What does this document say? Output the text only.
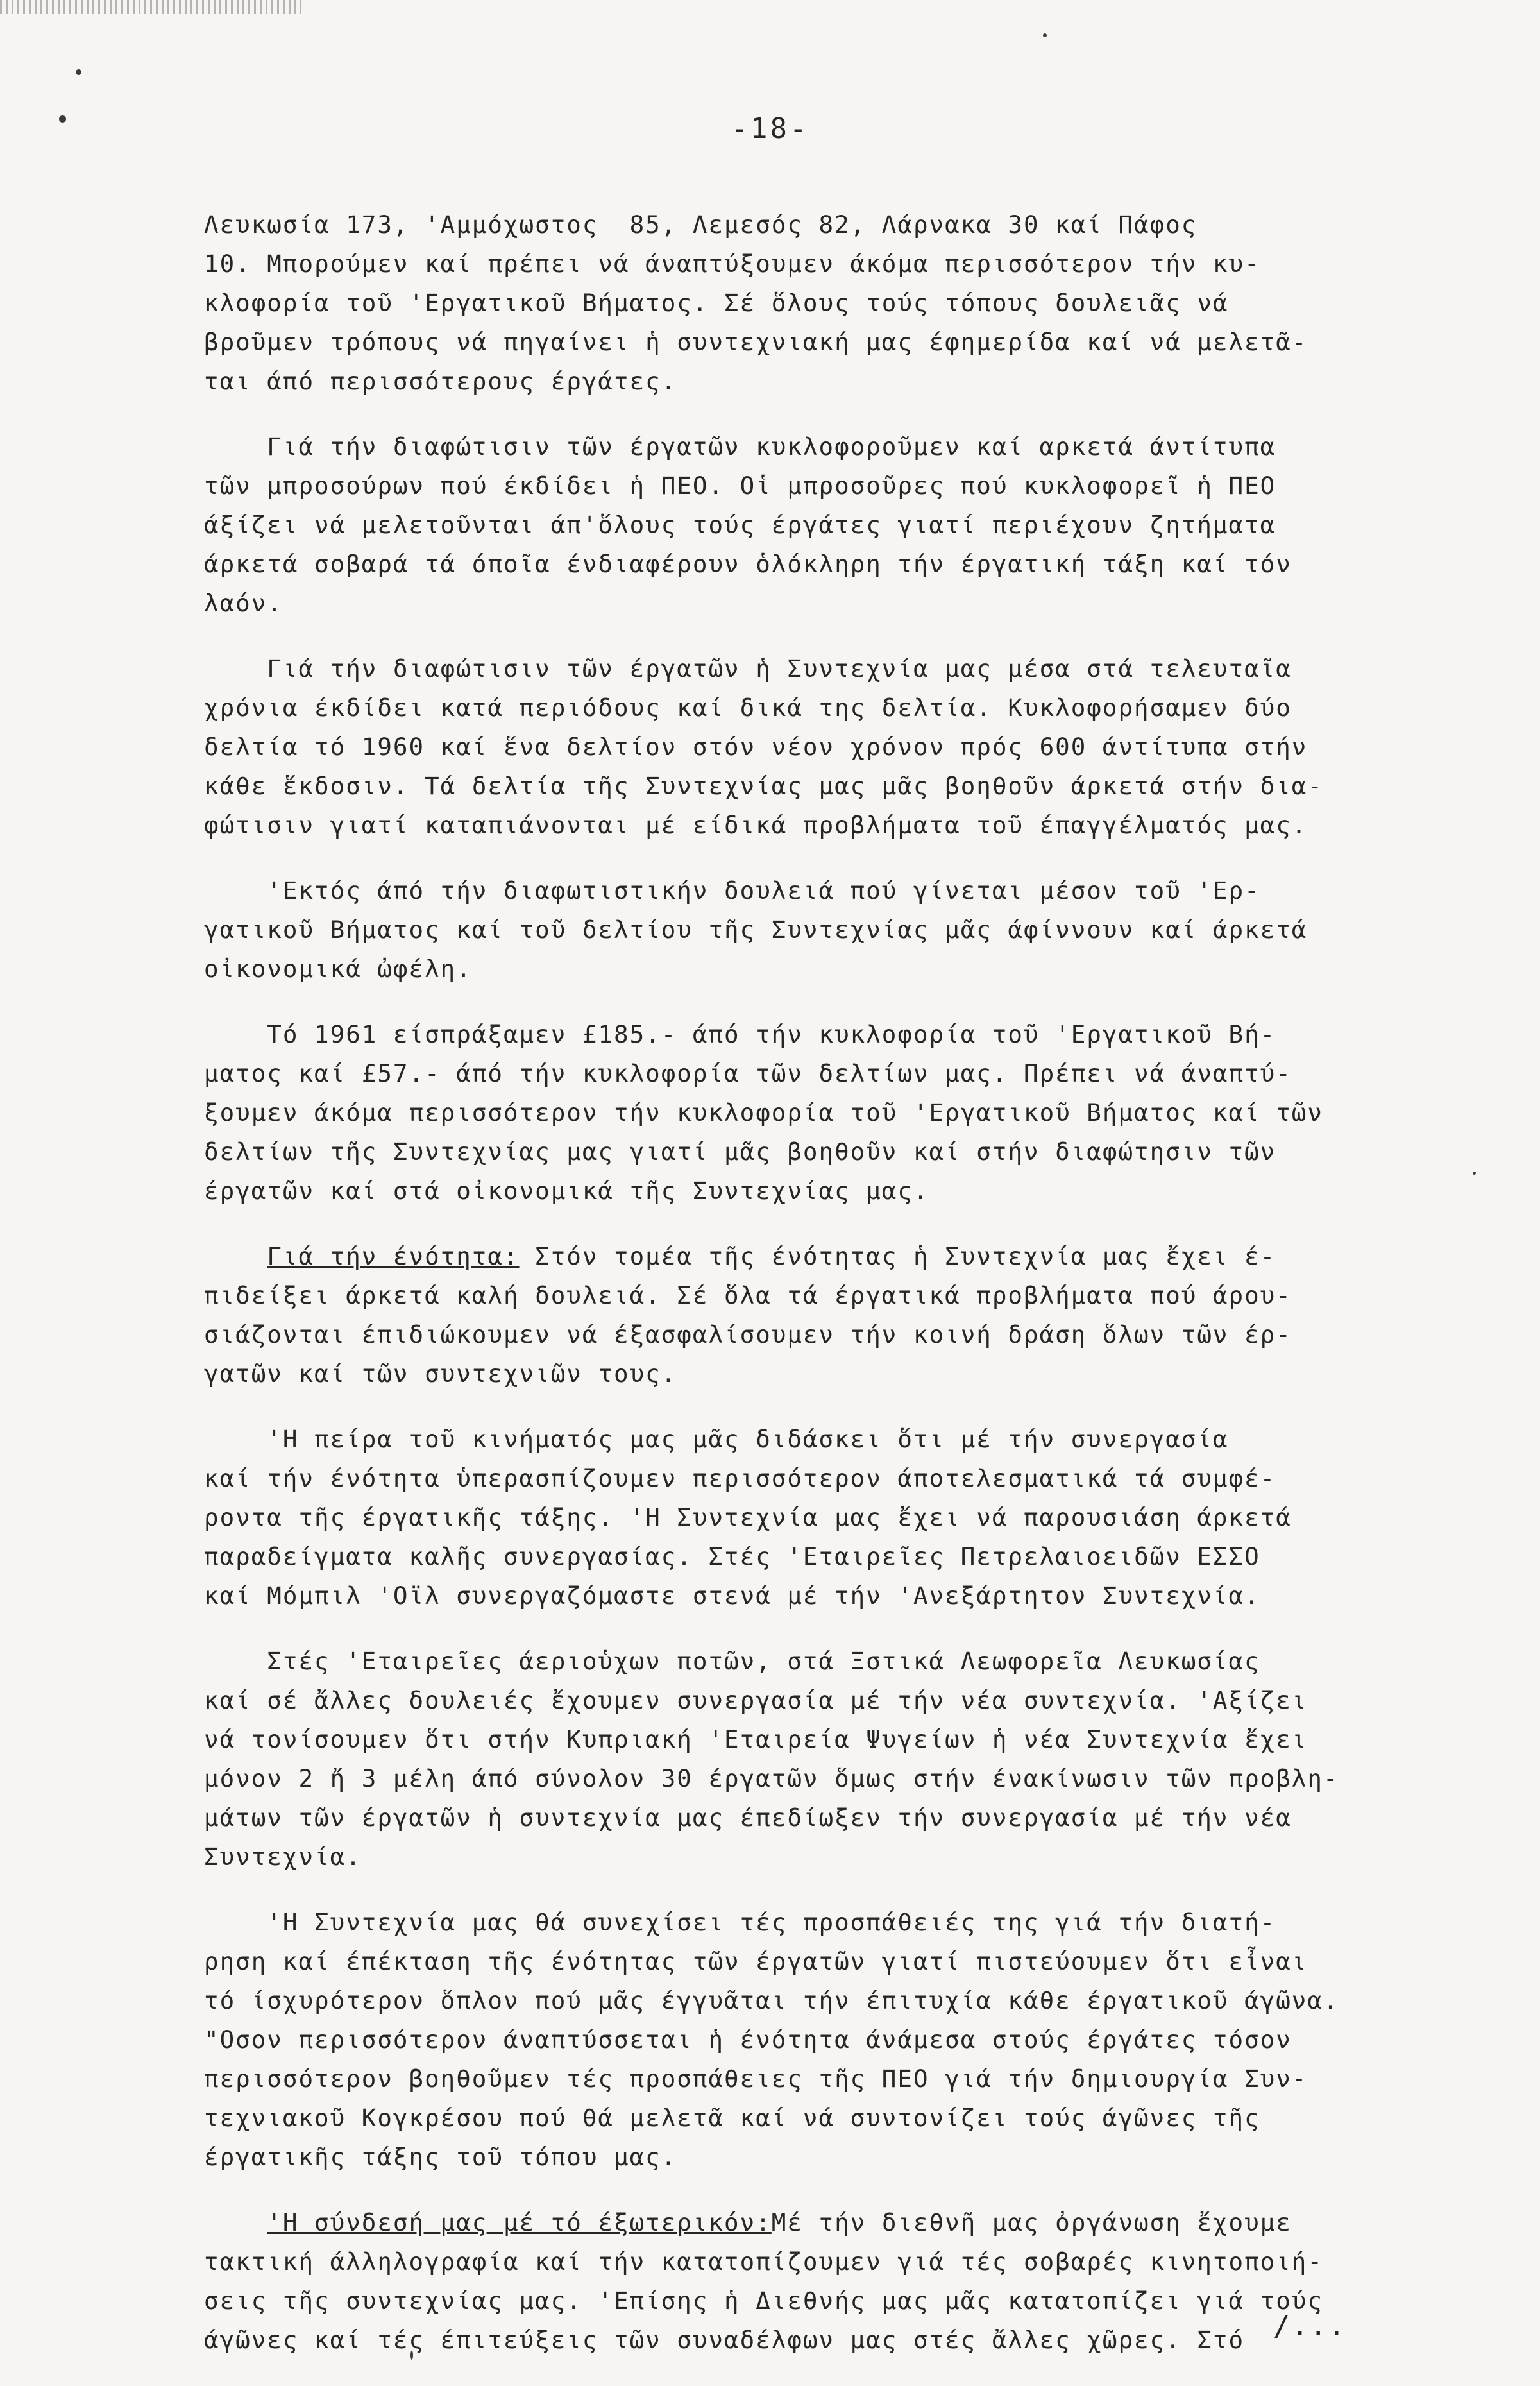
-18-
Λευκωσία 173, 'Αμμόχωστος  85, Λεμεσός 82, Λάρνακα 30 καί Πάφος
10. Μπορούμεν καί πρέπει νά άναπτύξουμεν άκόμα περισσότερον τήν κυ-
κλοφορία τοῦ 'Εργατικοῦ Βήματος. Σέ ὅλους τούς τόπους δουλειᾶς νά
βροῦμεν τρόπους νά πηγαίνει ἡ συντεχνιακή μας έφημερίδα καί νά μελετᾶ-
ται άπό περισσότερους έργάτες.
Γιά τήν διαφώτισιν τῶν έργατῶν κυκλοφοροῦμεν καί αρκετά άντίτυπα
τῶν μπροσούρων πού έκδίδει ἡ ΠΕΟ. Οἱ μπροσοῦρες πού κυκλοφορεῖ ἡ ΠΕΟ
άξίζει νά μελετοῦνται άπ'ὅλους τούς έργάτες γιατί περιέχουν ζητήματα
άρκετά σοβαρά τά όποῖα ένδιαφέρουν ὁλόκληρη τήν έργατική τάξη καί τόν
λαόν.
Γιά τήν διαφώτισιν τῶν έργατῶν ἡ Συντεχνία μας μέσα στά τελευταῖα
χρόνια έκδίδει κατά περιόδους καί δικά της δελτία. Κυκλοφορήσαμεν δύο
δελτία τό 1960 καί ἕνα δελτίον στόν νέον χρόνον πρός 600 άντίτυπα στήν
κάθε ἕκδοσιν. Τά δελτία τῆς Συντεχνίας μας μᾶς βοηθοῦν άρκετά στήν δια-
φώτισιν γιατί καταπιάνονται μέ είδικά προβλήματα τοῦ έπαγγέλματός μας.
'Εκτός άπό τήν διαφωτιστικήν δουλειά πού γίνεται μέσον τοῦ 'Ερ-
γατικοῦ Βήματος καί τοῦ δελτίου τῆς Συντεχνίας μᾶς άφίννουν καί άρκετά
οἰκονομικά ὠφέλη.
Τό 1961 είσπράξαμεν £185.- άπό τήν κυκλοφορία τοῦ 'Εργατικοῦ Βή-
ματος καί £57.- άπό τήν κυκλοφορία τῶν δελτίων μας. Πρέπει νά άναπτύ-
ξουμεν άκόμα περισσότερον τήν κυκλοφορία τοῦ 'Εργατικοῦ Βήματος καί τῶν
δελτίων τῆς Συντεχνίας μας γιατί μᾶς βοηθοῦν καί στήν διαφώτησιν τῶν
έργατῶν καί στά οἰκονομικά τῆς Συντεχνίας μας.
Γιά τήν ένότητα: Στόν τομέα τῆς ένότητας ἡ Συντεχνία μας ἔχει έ-
πιδείξει άρκετά καλή δουλειά. Σέ ὅλα τά έργατικά προβλήματα πού άρου-
σιάζονται έπιδιώκουμεν νά έξασφαλίσουμεν τήν κοινή δράση ὅλων τῶν έρ-
γατῶν καί τῶν συντεχνιῶν τους.
'Η πείρα τοῦ κινήματός μας μᾶς διδάσκει ὅτι μέ τήν συνεργασία
καί τήν ένότητα ὑπερασπίζουμεν περισσότερον άποτελεσματικά τά συμφέ-
ροντα τῆς έργατικῆς τάξης. 'Η Συντεχνία μας ἔχει νά παρουσιάση άρκετά
παραδείγματα καλῆς συνεργασίας. Στές 'Εταιρεῖες Πετρελαιοειδῶν ΕΣΣΟ
καί Μόμπιλ 'Οϊλ συνεργαζόμαστε στενά μέ τήν 'Ανεξάρτητον Συντεχνία.
Στές 'Εταιρεῖες άεριοὑχων ποτῶν, στά Ξστικά Λεωφορεῖα Λευκωσίας
καί σέ ἄλλες δουλειές ἔχουμεν συνεργασία μέ τήν νέα συντεχνία. 'Αξίζει
νά τονίσουμεν ὅτι στήν Κυπριακή 'Εταιρεία Ψυγείων ἡ νέα Συντεχνία ἔχει
μόνον 2 ἤ 3 μέλη άπό σύνολον 30 έργατῶν ὅμως στήν ένακίνωσιν τῶν προβλη-
μάτων τῶν έργατῶν ἡ συντεχνία μας έπεδίωξεν τήν συνεργασία μέ τήν νέα
Συντεχνία.
'Η Συντεχνία μας θά συνεχίσει τές προσπάθειές της γιά τήν διατή-
ρηση καί έπέκταση τῆς ένότητας τῶν έργατῶν γιατί πιστεύουμεν ὅτι εἶναι
τό ίσχυρότερον ὅπλον πού μᾶς έγγυᾶται τήν έπιτυχία κάθε έργατικοῦ άγῶνα.
"Οσον περισσότερον άναπτύσσεται ἡ ένότητα άνάμεσα στούς έργάτες τόσον
περισσότερον βοηθοῦμεν τές προσπάθειες τῆς ΠΕΟ γιά τήν δημιουργία Συν-
τεχνιακοῦ Κογκρέσου πού θά μελετᾶ καί νά συντονίζει τούς άγῶνες τῆς
έργατικῆς τάξης τοῦ τόπου μας.
'Η σύνδεσή μας μέ τό έξωτερικόν:Μέ τήν διεθνῆ μας ὀργάνωση ἔχουμε
τακτική άλληλογραφία καί τήν κατατοπίζουμεν γιά τές σοβαρές κινητοποιή-
σεις τῆς συντεχνίας μας. 'Επίσης ἡ Διεθνής μας μᾶς κατατοπίζει γιά τούς
άγῶνες καί τές έπιτεύξεις τῶν συναδέλφων μας στές ἄλλες χῶρες. Στό	/...
